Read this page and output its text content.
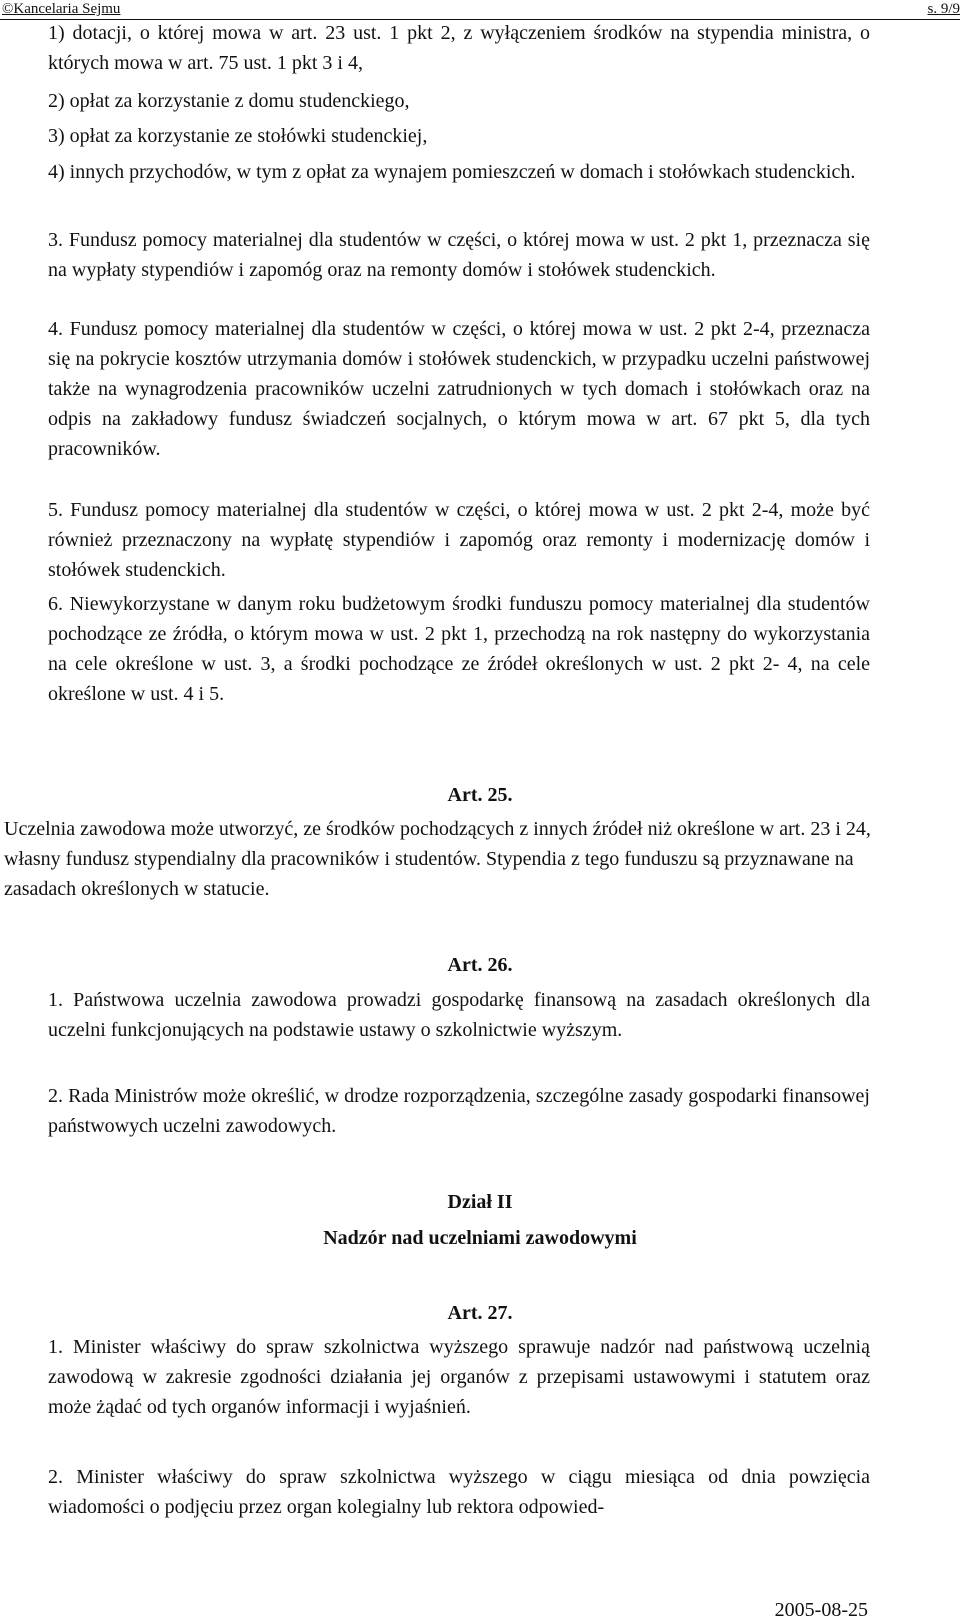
©Kancelaria Sejmu	s. 9/9
1) dotacji, o której mowa w art. 23 ust. 1 pkt 2, z wyłączeniem środków na stypendia ministra, o których mowa w art. 75 ust. 1 pkt 3 i 4,
2) opłat za korzystanie z domu studenckiego,
3) opłat za korzystanie ze stołówki studenckiej,
4) innych przychodów, w tym z opłat za wynajem pomieszczeń w domach i stołówkach studenckich.
3. Fundusz pomocy materialnej dla studentów w części, o której mowa w ust. 2 pkt 1, przeznacza się na wypłaty stypendiów i zapomóg oraz na remonty domów i stołówek studenckich.
4. Fundusz pomocy materialnej dla studentów w części, o której mowa w ust. 2 pkt 2-4, przeznacza się na pokrycie kosztów utrzymania domów i stołówek studenckich, w przypadku uczelni państwowej także na wynagrodzenia pracowników uczelni zatrudnionych w tych domach i stołówkach oraz na odpis na zakładowy fundusz świadczeń socjalnych, o którym mowa w art. 67 pkt 5, dla tych pracowników.
5. Fundusz pomocy materialnej dla studentów w części, o której mowa w ust. 2 pkt 2-4, może być również przeznaczony na wypłatę stypendiów i zapomóg oraz remonty i modernizację domów i stołówek studenckich.
6. Niewykorzystane w danym roku budżetowym środki funduszu pomocy materialnej dla studentów pochodzące ze źródła, o którym mowa w ust. 2 pkt 1, przechodzą na rok następny do wykorzystania na cele określone w ust. 3, a środki pochodzące ze źródeł określonych w ust. 2 pkt 2- 4, na cele określone w ust. 4 i 5.
Art. 25.
Uczelnia zawodowa może utworzyć, ze środków pochodzących z innych źródeł niż określone w art. 23 i 24, własny fundusz stypendialny dla pracowników i studentów. Stypendia z tego funduszu są przyznawane na zasadach określonych w statucie.
Art. 26.
1. Państwowa uczelnia zawodowa prowadzi gospodarkę finansową na zasadach określonych dla uczelni funkcjonujących na podstawie ustawy o szkolnictwie wyższym.
2. Rada Ministrów może określić, w drodze rozporządzenia, szczególne zasady gospodarki finansowej państwowych uczelni zawodowych.
Dział II
Nadzór nad uczelniami zawodowymi
Art. 27.
1. Minister właściwy do spraw szkolnictwa wyższego sprawuje nadzór nad państwową uczelnią zawodową w zakresie zgodności działania jej organów z przepisami ustawowymi i statutem oraz może żądać od tych organów informacji i wyjaśnień.
2. Minister właściwy do spraw szkolnictwa wyższego w ciągu miesiąca od dnia powzięcia wiadomości o podjęciu przez organ kolegialny lub rektora odpowied-
2005-08-25
